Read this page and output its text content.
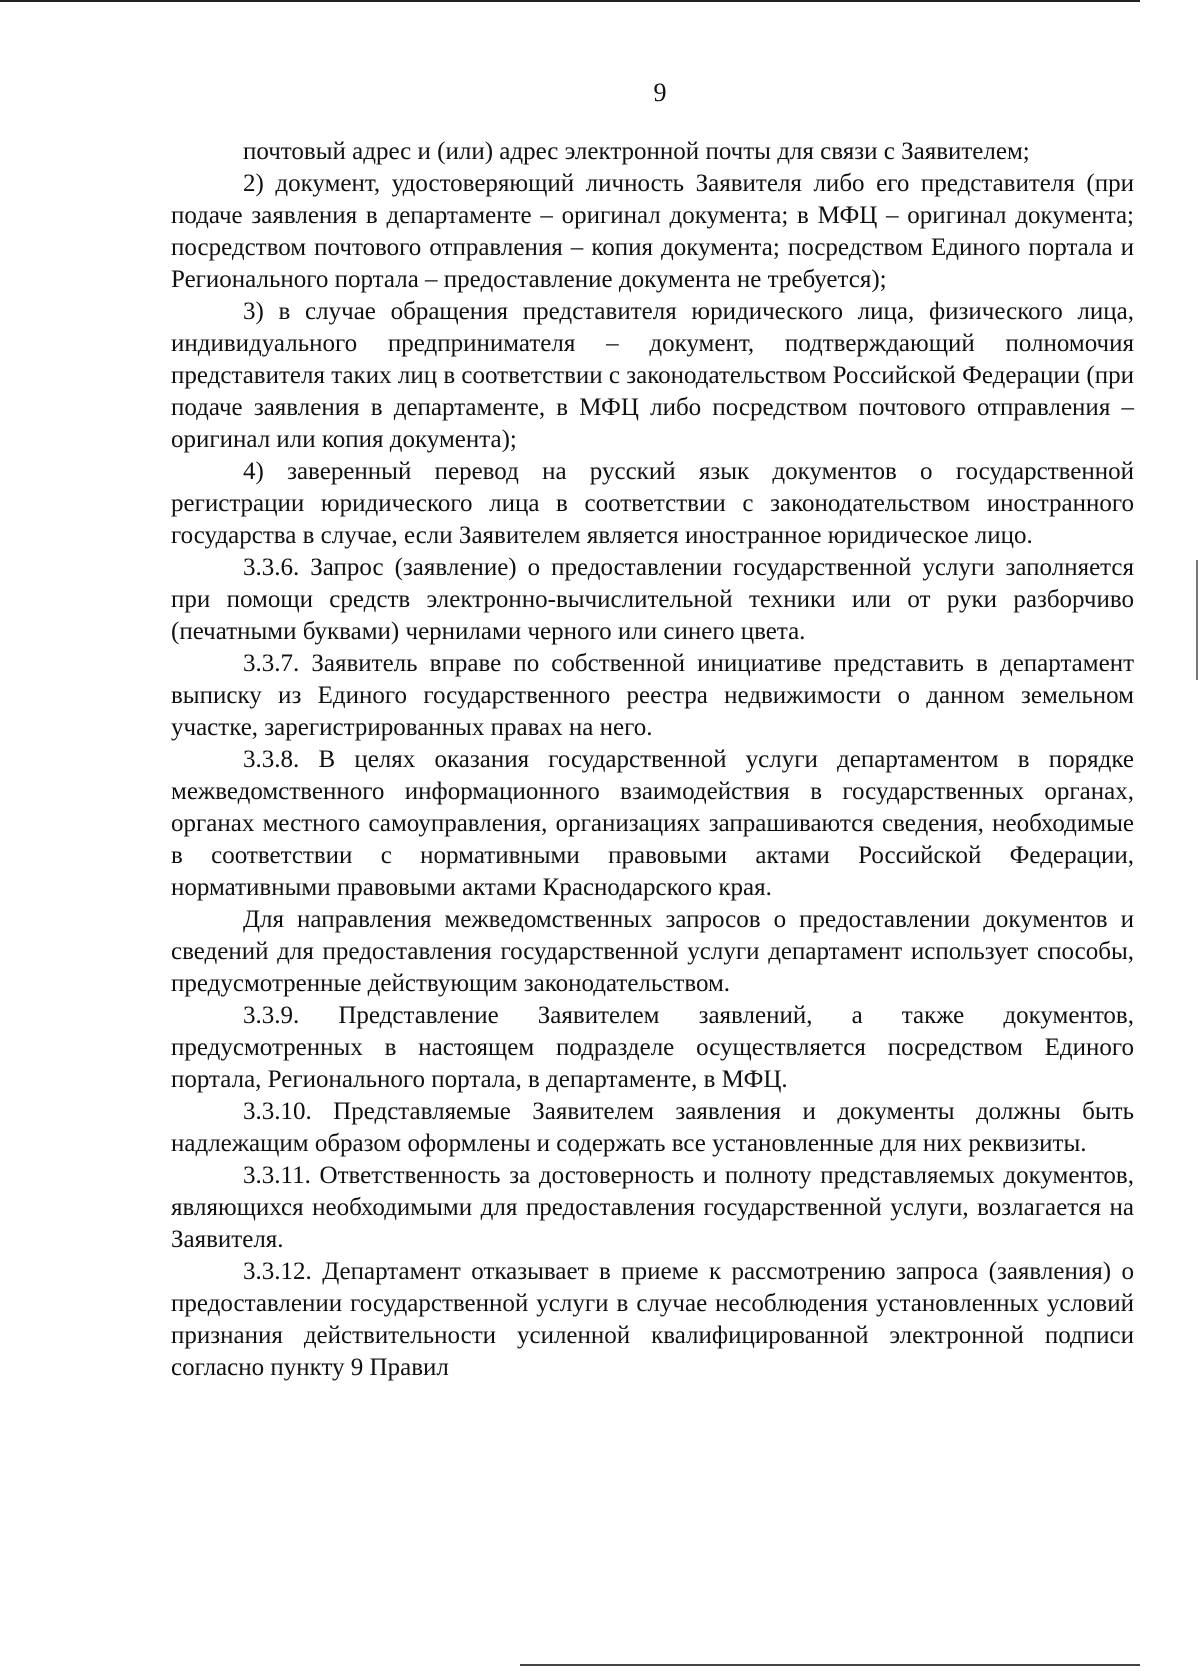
9

почтовый адрес и (или) адрес электронной почты для связи с Заявителем;

2) документ, удостоверяющий личность Заявителя либо его представителя (при подаче заявления в департаменте – оригинал документа; в МФЦ – оригинал документа; посредством почтового отправления – копия документа; посредством Единого портала и Регионального портала – предоставление документа не требуется);

3) в случае обращения представителя юридического лица, физического лица, индивидуального предпринимателя – документ, подтверждающий полномочия представителя таких лиц в соответствии с законодательством Российской Федерации (при подаче заявления в департаменте, в МФЦ либо посредством почтового отправления – оригинал или копия документа);

4) заверенный перевод на русский язык документов о государственной регистрации юридического лица в соответствии с законодательством иностранного государства в случае, если Заявителем является иностранное юридическое лицо.

3.3.6. Запрос (заявление) о предоставлении государственной услуги заполняется при помощи средств электронно-вычислительной техники или от руки разборчиво (печатными буквами) чернилами черного или синего цвета.

3.3.7. Заявитель вправе по собственной инициативе представить в департамент выписку из Единого государственного реестра недвижимости о данном земельном участке, зарегистрированных правах на него.

3.3.8. В целях оказания государственной услуги департаментом в порядке межведомственного информационного взаимодействия в государственных органах, органах местного самоуправления, организациях запрашиваются сведения, необходимые в соответствии с нормативными правовыми актами Российской Федерации, нормативными правовыми актами Краснодарского края.

Для направления межведомственных запросов о предоставлении документов и сведений для предоставления государственной услуги департамент использует способы, предусмотренные действующим законодательством.

3.3.9. Представление Заявителем заявлений, а также документов, предусмотренных в настоящем подразделе осуществляется посредством Единого портала, Регионального портала, в департаменте, в МФЦ.

3.3.10. Представляемые Заявителем заявления и документы должны быть надлежащим образом оформлены и содержать все установленные для них реквизиты.

3.3.11. Ответственность за достоверность и полноту представляемых документов, являющихся необходимыми для предоставления государственной услуги, возлагается на Заявителя.

3.3.12. Департамент отказывает в приеме к рассмотрению запроса (заявления) о предоставлении государственной услуги в случае несоблюдения установленных условий признания действительности усиленной квалифицированной электронной подписи согласно пункту 9 Правил
